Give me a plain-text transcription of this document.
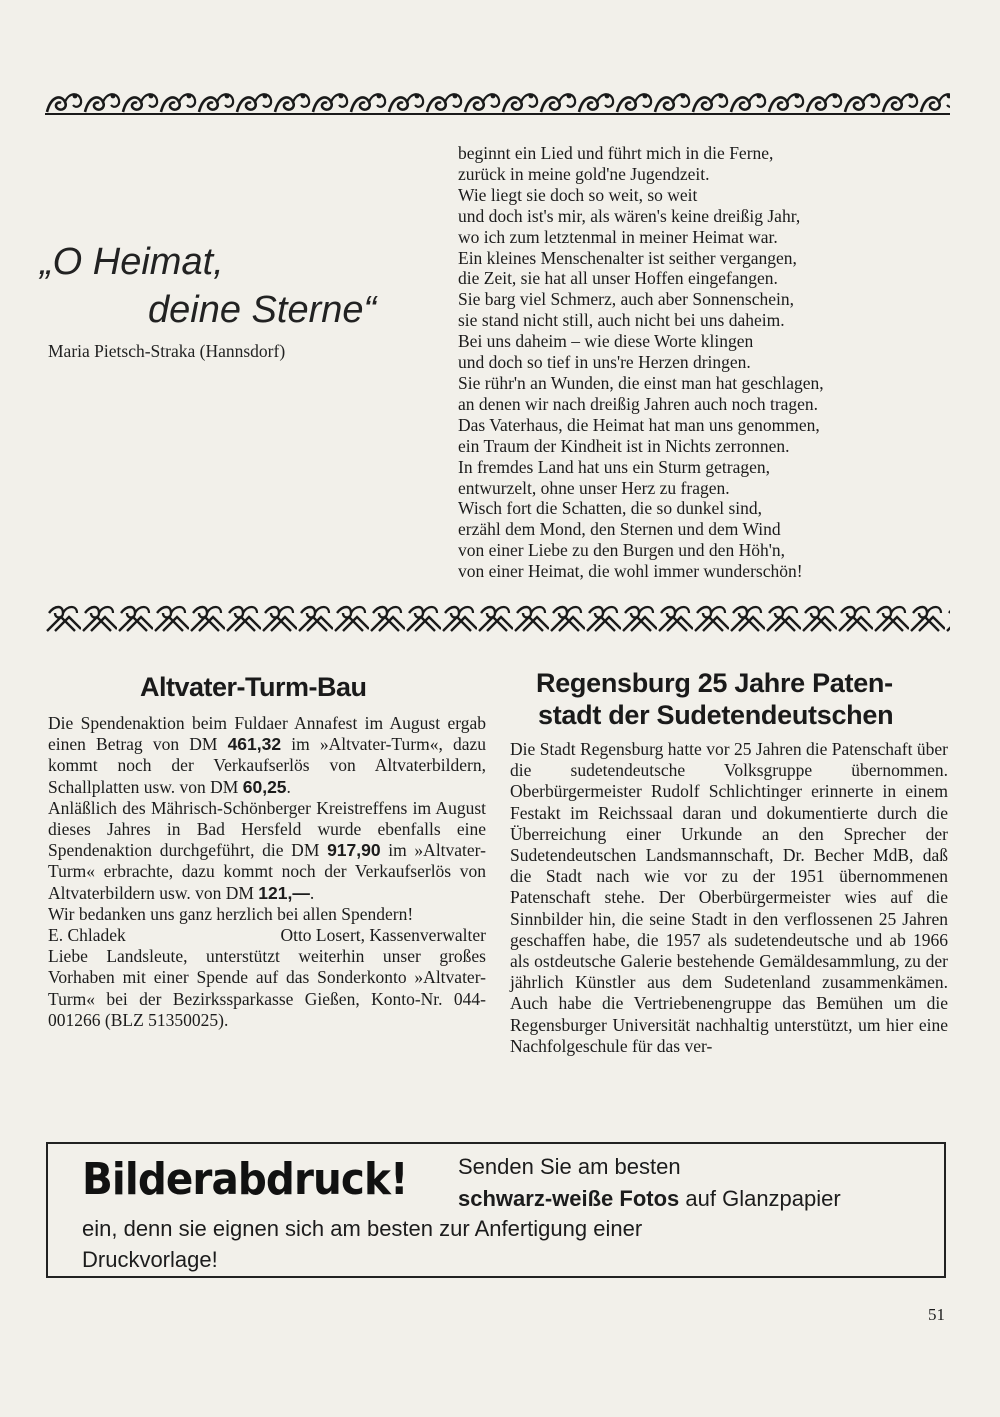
„O Heimat,
deine Sterne“
Maria Pietsch-Straka (Hannsdorf)
beginnt ein Lied und führt mich in die Ferne,
zurück in meine gold'ne Jugendzeit.
Wie liegt sie doch so weit, so weit
und doch ist's mir, als wären's keine dreißig Jahr,
wo ich zum letztenmal in meiner Heimat war.
Ein kleines Menschenalter ist seither vergangen,
die Zeit, sie hat all unser Hoffen eingefangen.
Sie barg viel Schmerz, auch aber Sonnenschein,
sie stand nicht still, auch nicht bei uns daheim.
Bei uns daheim – wie diese Worte klingen
und doch so tief in uns're Herzen dringen.
Sie rühr'n an Wunden, die einst man hat geschlagen,
an denen wir nach dreißig Jahren auch noch tragen.
Das Vaterhaus, die Heimat hat man uns genommen,
ein Traum der Kindheit ist in Nichts zerronnen.
In fremdes Land hat uns ein Sturm getragen,
entwurzelt, ohne unser Herz zu fragen.
Wisch fort die Schatten, die so dunkel sind,
erzähl dem Mond, den Sternen und dem Wind
von einer Liebe zu den Burgen und den Höh'n,
von einer Heimat, die wohl immer wunderschön!
Altvater-Turm-Bau

Die Spendenaktion beim Fuldaer Annafest im August ergab einen Betrag von DM 461,32 im »Altvater-Turm«, dazu kommt noch der Verkaufserlös von Altvaterbildern, Schallplatten usw. von DM 60,25.

Anläßlich des Mährisch-Schönberger Kreistreffens im August dieses Jahres in Bad Hersfeld wurde ebenfalls eine Spendenaktion durchgeführt, die DM 917,90 im »Altvater-Turm« erbrachte, dazu kommt noch der Verkaufserlös von Altvaterbildern usw. von DM 121,—.

Wir bedanken uns ganz herzlich bei allen Spendern!

E. Chladek	Otto Losert, Kassenverwalter

Liebe Landsleute, unterstützt weiterhin unser großes Vorhaben mit einer Spende auf das Sonderkonto »Altvater-Turm« bei der Bezirkssparkasse Gießen, Konto-Nr. 044-001266 (BLZ 51350025).

Regensburg 25 Jahre Paten-
stadt der Sudetendeutschen

Die Stadt Regensburg hatte vor 25 Jahren die Patenschaft über die sudetendeutsche Volksgruppe übernommen. Oberbürgermeister Rudolf Schlichtinger erinnerte in einem Festakt im Reichssaal daran und dokumentierte durch die Überreichung einer Urkunde an den Sprecher der Sudetendeutschen Landsmannschaft, Dr. Becher MdB, daß die Stadt nach wie vor zu der 1951 übernommenen Patenschaft stehe. Der Oberbürgermeister wies auf die Sinnbilder hin, die seine Stadt in den verflossenen 25 Jahren geschaffen habe, die 1957 als sudetendeutsche und ab 1966 als ostdeutsche Galerie bestehende Gemäldesammlung, zu der jährlich Künstler aus dem Sudetenland zusammenkämen. Auch habe die Vertriebenengruppe das Bemühen um die Regensburger Universität nachhaltig unterstützt, um hier eine Nachfolgeschule für das ver-

Bilderabdruck! Senden Sie am besten
schwarz-weiße Fotos auf Glanzpapier
ein, denn sie eignen sich am besten zur Anfertigung einer
Druckvorlage!
51
